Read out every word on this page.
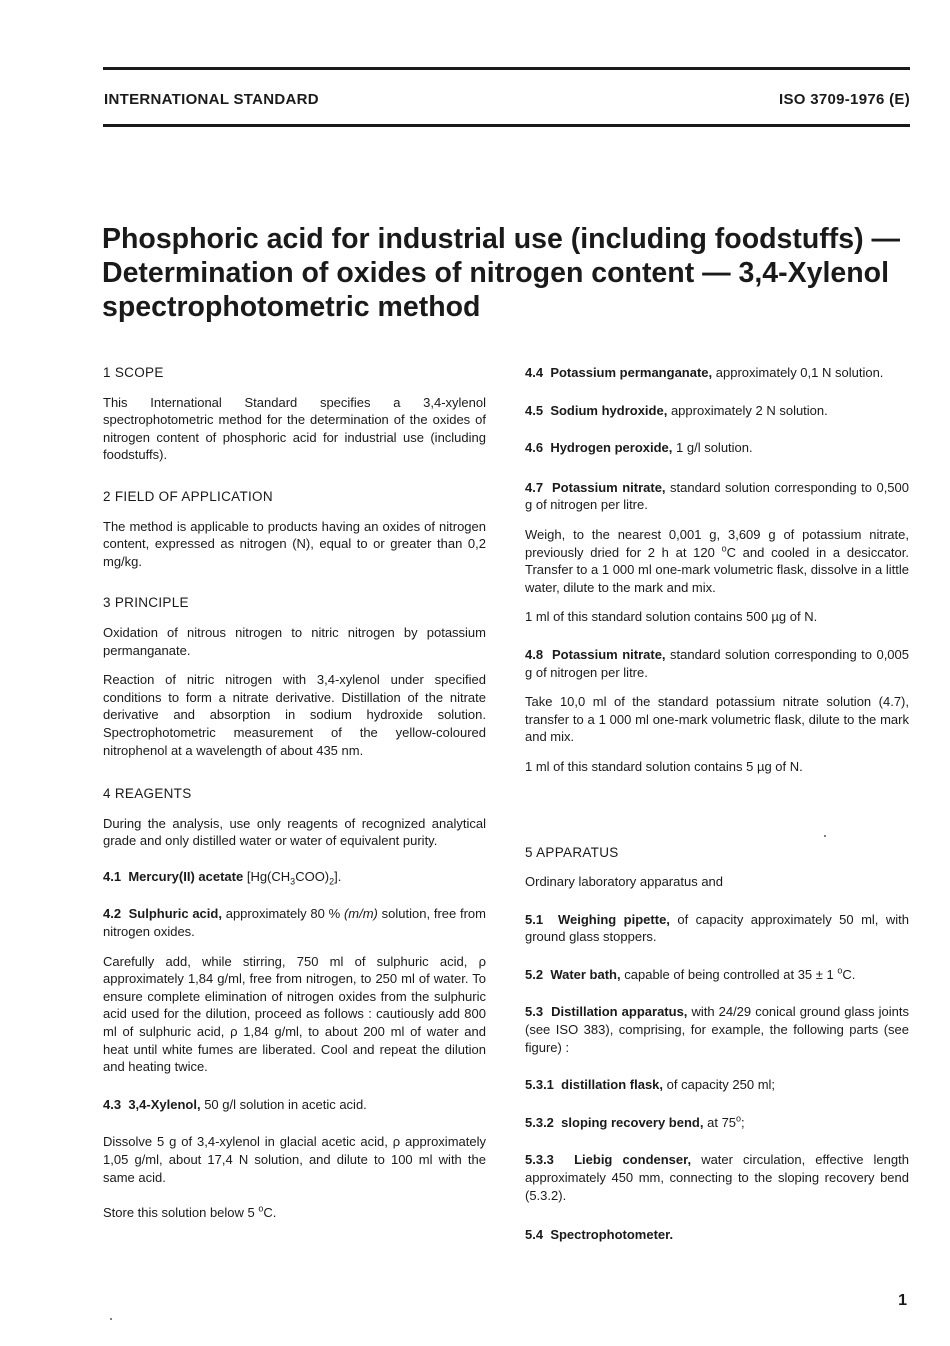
INTERNATIONAL STANDARD	ISO 3709-1976 (E)
Phosphoric acid for industrial use (including foodstuffs) —
Determination of oxides of nitrogen content — 3,4-Xylenol
spectrophotometric method

1 SCOPE

This International Standard specifies a 3,4-xylenol spectrophotometric method for the determination of the oxides of nitrogen content of phosphoric acid for industrial use (including foodstuffs).

2 FIELD OF APPLICATION

The method is applicable to products having an oxides of nitrogen content, expressed as nitrogen (N), equal to or greater than 0,2 mg/kg.

3 PRINCIPLE

Oxidation of nitrous nitrogen to nitric nitrogen by potassium permanganate.

Reaction of nitric nitrogen with 3,4-xylenol under specified conditions to form a nitrate derivative. Distillation of the nitrate derivative and absorption in sodium hydroxide solution. Spectrophotometric measurement of the yellow-coloured nitrophenol at a wavelength of about 435 nm.

4 REAGENTS

During the analysis, use only reagents of recognized analytical grade and only distilled water or water of equivalent purity.

4.1 Mercury(II) acetate $[Hg(CH_3COO)_2]$.

4.2 Sulphuric acid, approximately 80 % (m/m) solution, free from nitrogen oxides.

Carefully add, while stirring, 750 ml of sulphuric acid, ρ approximately 1,84 g/ml, free from nitrogen, to 250 ml of water. To ensure complete elimination of nitrogen oxides from the sulphuric acid used for the dilution, proceed as follows : cautiously add 800 ml of sulphuric acid, ρ 1,84 g/ml, to about 200 ml of water and heat until white fumes are liberated. Cool and repeat the dilution and heating twice.

4.3 3,4-Xylenol, 50 g/l solution in acetic acid.

Dissolve 5 g of 3,4-xylenol in glacial acetic acid, ρ approximately 1,05 g/ml, about 17,4 N solution, and dilute to 100 ml with the same acid.

Store this solution below 5 $^o$C.

4.4 Potassium permanganate, approximately 0,1 N solution.

4.5 Sodium hydroxide, approximately 2 N solution.

4.6 Hydrogen peroxide, 1 g/l solution.

4.7 Potassium nitrate, standard solution corresponding to 0,500 g of nitrogen per litre.

Weigh, to the nearest 0,001 g, 3,609 g of potassium nitrate, previously dried for 2 h at 120 $^o$C and cooled in a desiccator. Transfer to a 1 000 ml one-mark volumetric flask, dissolve in a little water, dilute to the mark and mix.

1 ml of this standard solution contains 500 µg of N.

4.8 Potassium nitrate, standard solution corresponding to 0,005 g of nitrogen per litre.

Take 10,0 ml of the standard potassium nitrate solution (4.7), transfer to a 1 000 ml one-mark volumetric flask, dilute to the mark and mix.

1 ml of this standard solution contains 5 µg of N.

5 APPARATUS

Ordinary laboratory apparatus and

5.1 Weighing pipette, of capacity approximately 50 ml, with ground glass stoppers.

5.2 Water bath, capable of being controlled at 35 ± 1 $^o$C.

5.3 Distillation apparatus, with 24/29 conical ground glass joints (see ISO 383), comprising, for example, the following parts (see figure) :

5.3.1 distillation flask, of capacity 250 ml;

5.3.2 sloping recovery bend, at 75$^o$;

5.3.3 Liebig condenser, water circulation, effective length approximately 450 mm, connecting to the sloping recovery bend (5.3.2).

5.4 Spectrophotometer.

1
